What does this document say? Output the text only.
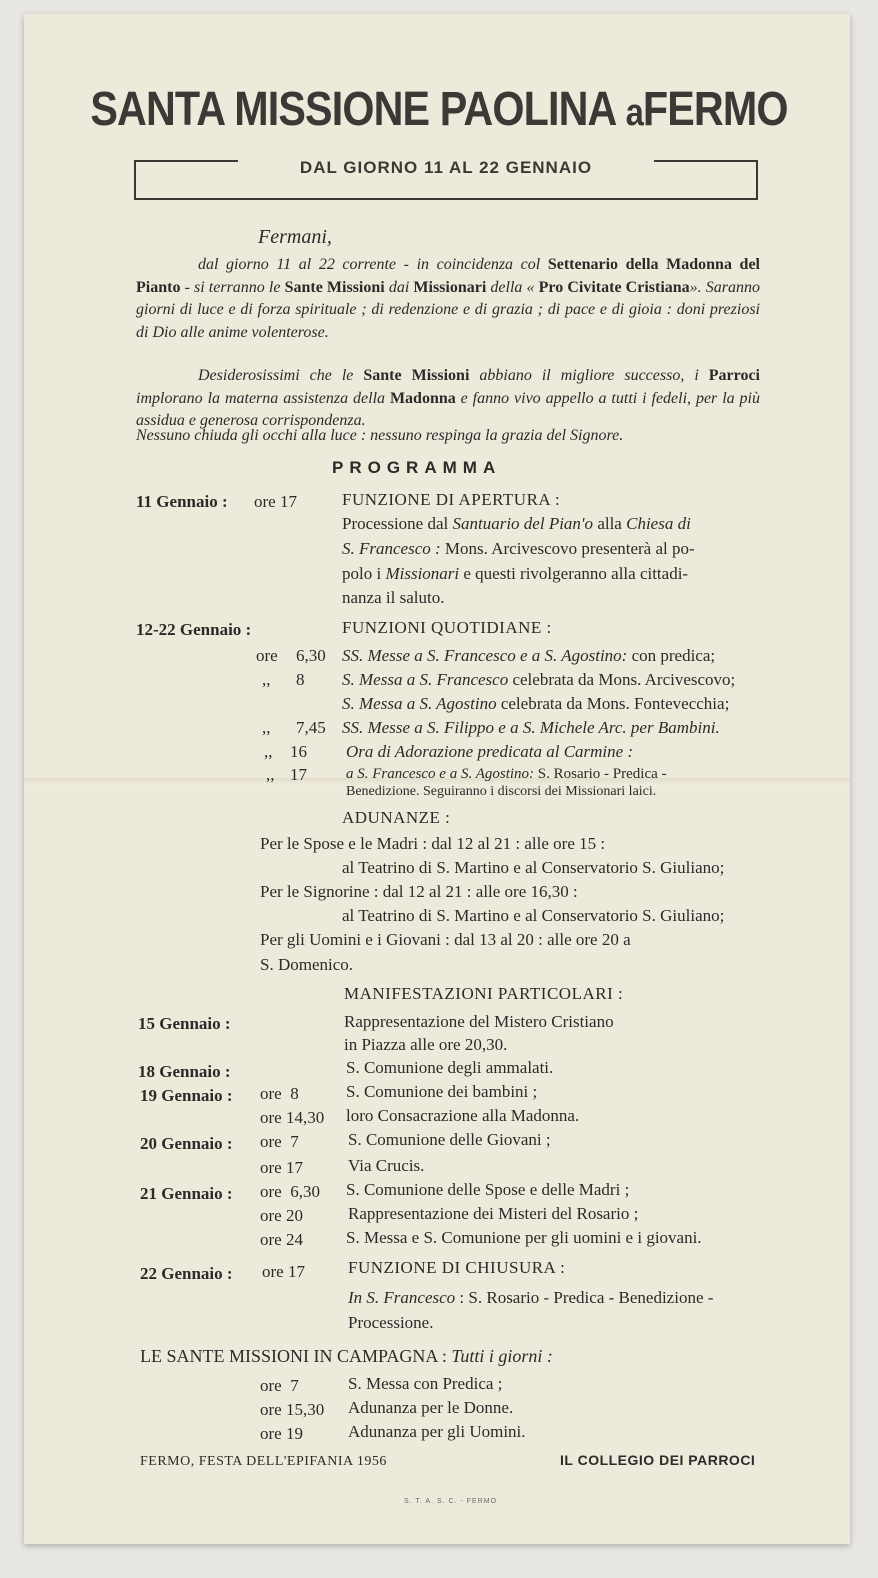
SANTA MISSIONE PAOLINA aFERMO
DAL GIORNO 11 AL 22 GENNAIO
Fermani,
dal giorno 11 al 22 corrente - in coincidenza col Settenario della Madonna del Pianto - si terranno le Sante Missioni dai Missionari della « Pro Civitate Cristiana». Saranno giorni di luce e di forza spirituale ; di redenzione e di grazia ; di pace e di gioia : doni preziosi di Dio alle anime volenterose.
Desiderosissimi che le Sante Missioni abbiano il migliore successo, i Parroci implorano la materna assistenza della Madonna e fanno vivo appello a tutti i fedeli, per la più assidua e generosa corrispondenza.
Nessuno chiuda gli occhi alla luce : nessuno respinga la grazia del Signore.
PROGRAMMA
11 Gennaio : ore 17	FUNZIONE DI APERTURA :
Processione dal Santuario del Pian'o alla Chiesa di
S. Francesco : Mons. Arcivescovo presenterà al po-
polo i Missionari e questi rivolgeranno alla cittadi-
nanza il saluto.
12-22 Gennaio :	FUNZIONI QUOTIDIANE :
ore 6,30 SS. Messe a S. Francesco e a S. Agostino: con predica;
,, 8 S. Messa a S. Francesco celebrata da Mons. Arcivescovo;
S. Messa a S. Agostino celebrata da Mons. Fontevecchia;
,, 7,45 SS. Messe a S. Filippo e a S. Michele Arc. per Bambini.
,, 16 Ora di Adorazione predicata al Carmine :
,, 17	a S. Francesco e a S. Agostino: S. Rosario - Predica -
Benedizione. Seguiranno i discorsi dei Missionari laici.
ADUNANZE :
Per le Spose e le Madri : dal 12 al 21 : alle ore 15 :
al Teatrino di S. Martino e al Conservatorio S. Giuliano;
Per le Signorine : dal 12 al 21 : alle ore 16,30 :
al Teatrino di S. Martino e al Conservatorio S. Giuliano;
Per gli Uomini e i Giovani : dal 13 al 20 : alle ore 20 a
S. Domenico.
MANIFESTAZIONI PARTICOLARI :
15 Gennaio :	Rappresentazione del Mistero Cristiano
in Piazza alle ore 20,30.
18 Gennaio :	S. Comunione degli ammalati.
19 Gennaio : ore  8	S. Comunione dei bambini ;
ore 14,30 loro Consacrazione alla Madonna.
20 Gennaio : ore  7	S. Comunione delle Giovani ;
ore 17	Via Crucis.
21 Gennaio : ore  6,30 S. Comunione delle Spose e delle Madri ;
ore 20	Rappresentazione dei Misteri del Rosario ;
ore 24	S. Messa e S. Comunione per gli uomini e i giovani.
22 Gennaio : ore 17	FUNZIONE DI CHIUSURA :
In S. Francesco : S. Rosario - Predica - Benedizione -
Processione.
LE SANTE MISSIONI IN CAMPAGNA : Tutti i giorni :
ore  7	S. Messa con Predica ;
ore 15,30 Adunanza per le Donne.
ore 19	Adunanza per gli Uomini.
FERMO, FESTA DELL'EPIFANIA 1956	IL COLLEGIO DEI PARROCI
S. T. A. S. C. - FERMO
